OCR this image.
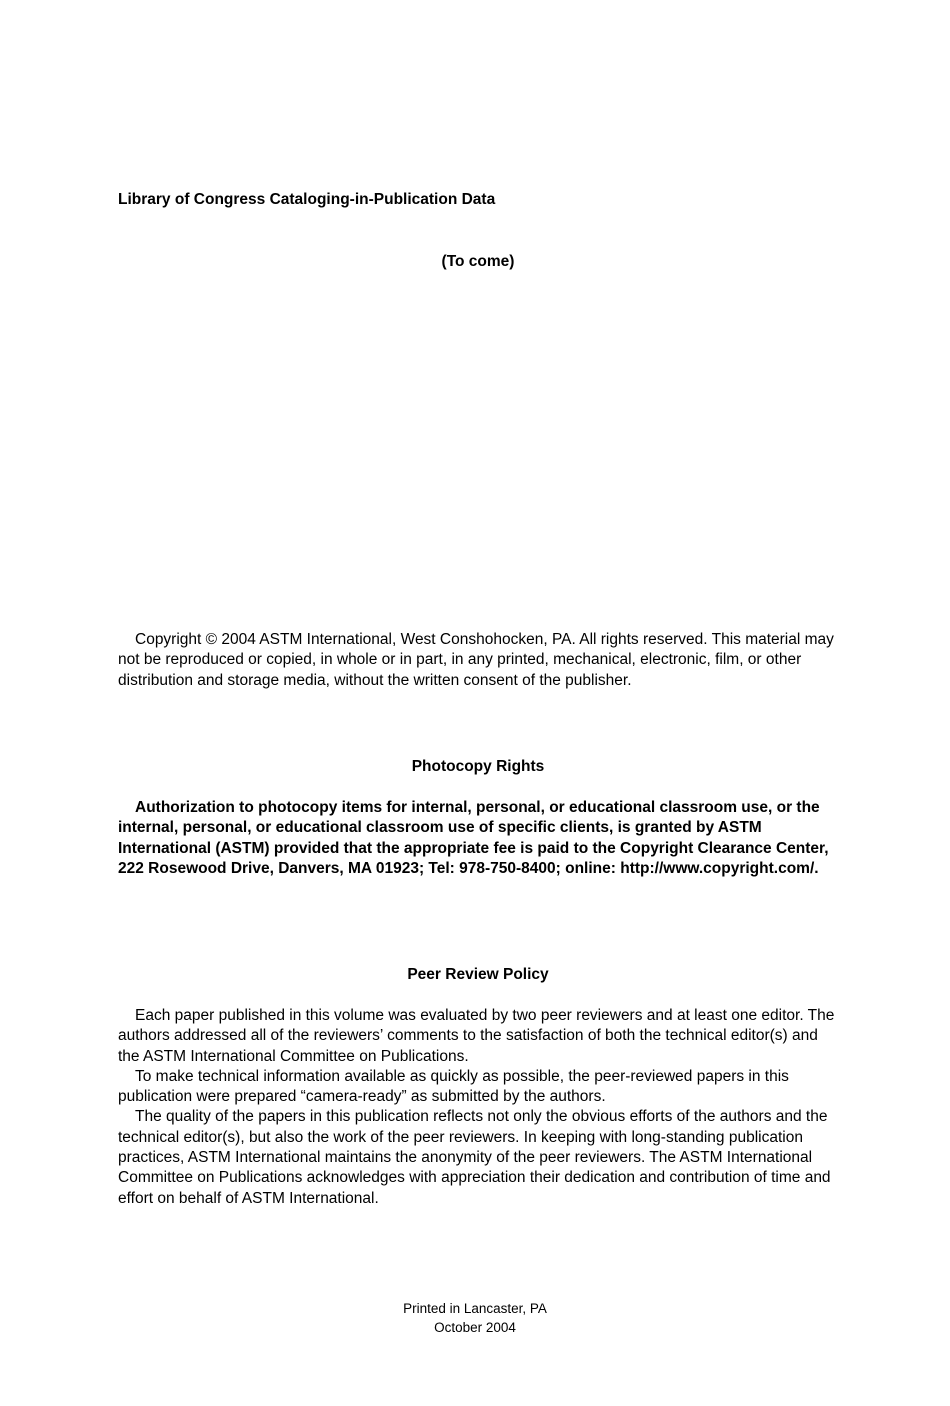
Library of Congress Cataloging-in-Publication Data
(To come)

Copyright © 2004 ASTM International, West Conshohocken, PA. All rights reserved. This material may not be reproduced or copied, in whole or in part, in any printed, mechanical, electronic, film, or other distribution and storage media, without the written consent of the publisher.

Photocopy Rights

Authorization to photocopy items for internal, personal, or educational classroom use, or the internal, personal, or educational classroom use of specific clients, is granted by ASTM International (ASTM) provided that the appropriate fee is paid to the Copyright Clearance Center, 222 Rosewood Drive, Danvers, MA 01923; Tel: 978-750-8400; online: http://www.copyright.com/.

Peer Review Policy

Each paper published in this volume was evaluated by two peer reviewers and at least one editor. The authors addressed all of the reviewers’ comments to the satisfaction of both the technical editor(s) and the ASTM International Committee on Publications.

To make technical information available as quickly as possible, the peer-reviewed papers in this publication were prepared “camera-ready” as submitted by the authors.

The quality of the papers in this publication reflects not only the obvious efforts of the authors and the technical editor(s), but also the work of the peer reviewers. In keeping with long-standing publication practices, ASTM International maintains the anonymity of the peer reviewers. The ASTM International Committee on Publications acknowledges with appreciation their dedication and contribution of time and effort on behalf of ASTM International.

Printed in Lancaster, PA
October 2004
